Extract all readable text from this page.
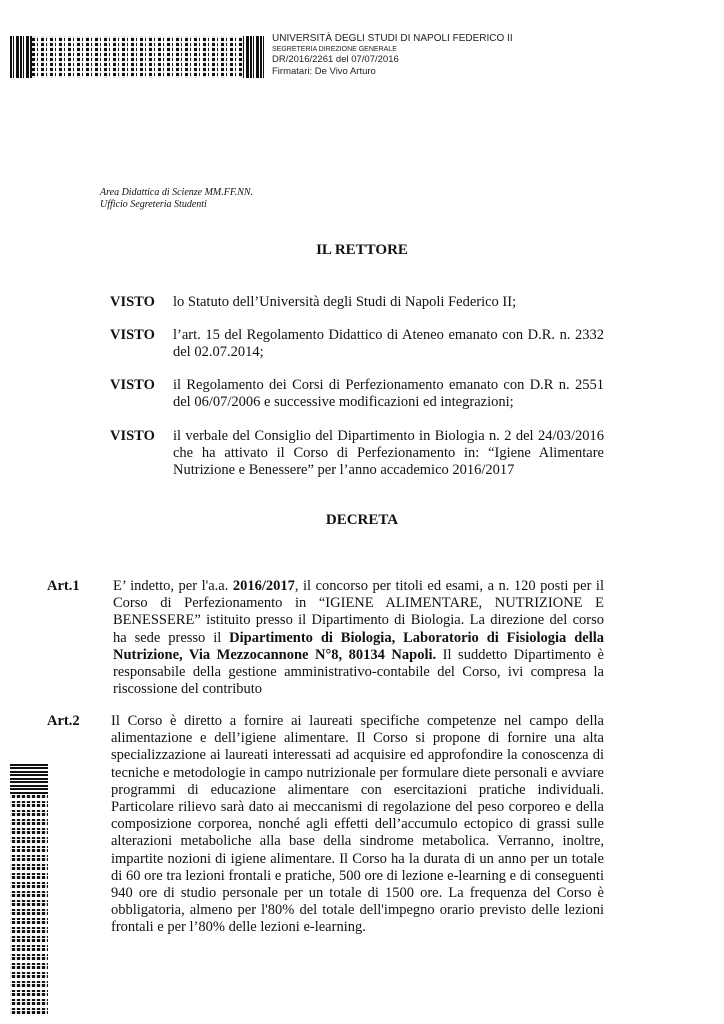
UNIVERSITÀ DEGLI STUDI DI NAPOLI FEDERICO II
SEGRETERIA DIREZIONE GENERALE
DR/2016/2261 del 07/07/2016
Firmatari: De Vivo Arturo
Area Didattica di Scienze MM.FF.NN.
Ufficio Segreteria Studenti
IL RETTORE
VISTO lo Statuto dell’Università degli Studi di Napoli Federico II;
VISTO l’art. 15 del Regolamento Didattico di Ateneo emanato con D.R. n. 2332 del 02.07.2014;
VISTO il Regolamento dei Corsi di Perfezionamento emanato con D.R n. 2551 del 06/07/2006 e successive modificazioni ed integrazioni;
VISTO il verbale del Consiglio del Dipartimento in Biologia n. 2 del 24/03/2016 che ha attivato il Corso di Perfezionamento in: “Igiene Alimentare Nutrizione e Benessere” per l’anno accademico 2016/2017
DECRETA
Art.1 E’ indetto, per l'a.a. 2016/2017, il concorso per titoli ed esami, a n. 120 posti per il Corso di Perfezionamento in “IGIENE ALIMENTARE, NUTRIZIONE E BENESSERE” istituito presso il Dipartimento di Biologia. La direzione del corso ha sede presso il Dipartimento di Biologia, Laboratorio di Fisiologia della Nutrizione, Via Mezzocannone N°8, 80134 Napoli. Il suddetto Dipartimento è responsabile della gestione amministrativo-contabile del Corso, ivi compresa la riscossione del contributo
Art.2 Il Corso è diretto a fornire ai laureati specifiche competenze nel campo della alimentazione e dell’igiene alimentare. Il Corso si propone di fornire una alta specializzazione ai laureati interessati ad acquisire ed approfondire la conoscenza di tecniche e metodologie in campo nutrizionale per formulare diete personali e avviare programmi di educazione alimentare con esercitazioni pratiche individuali. Particolare rilievo sarà dato ai meccanismi di regolazione del peso corporeo e della composizione corporea, nonché agli effetti dell’accumulo ectopico di grassi sulle alterazioni metaboliche alla base della sindrome metabolica. Verranno, inoltre, impartite nozioni di igiene alimentare. Il Corso ha la durata di un anno per un totale di 60 ore tra lezioni frontali e pratiche, 500 ore di lezione e-learning e di conseguenti 940 ore di studio personale per un totale di 1500 ore. La frequenza del Corso è obbligatoria, almeno per l'80% del totale dell'impegno orario previsto delle lezioni frontali e per l’80% delle lezioni e-learning.
